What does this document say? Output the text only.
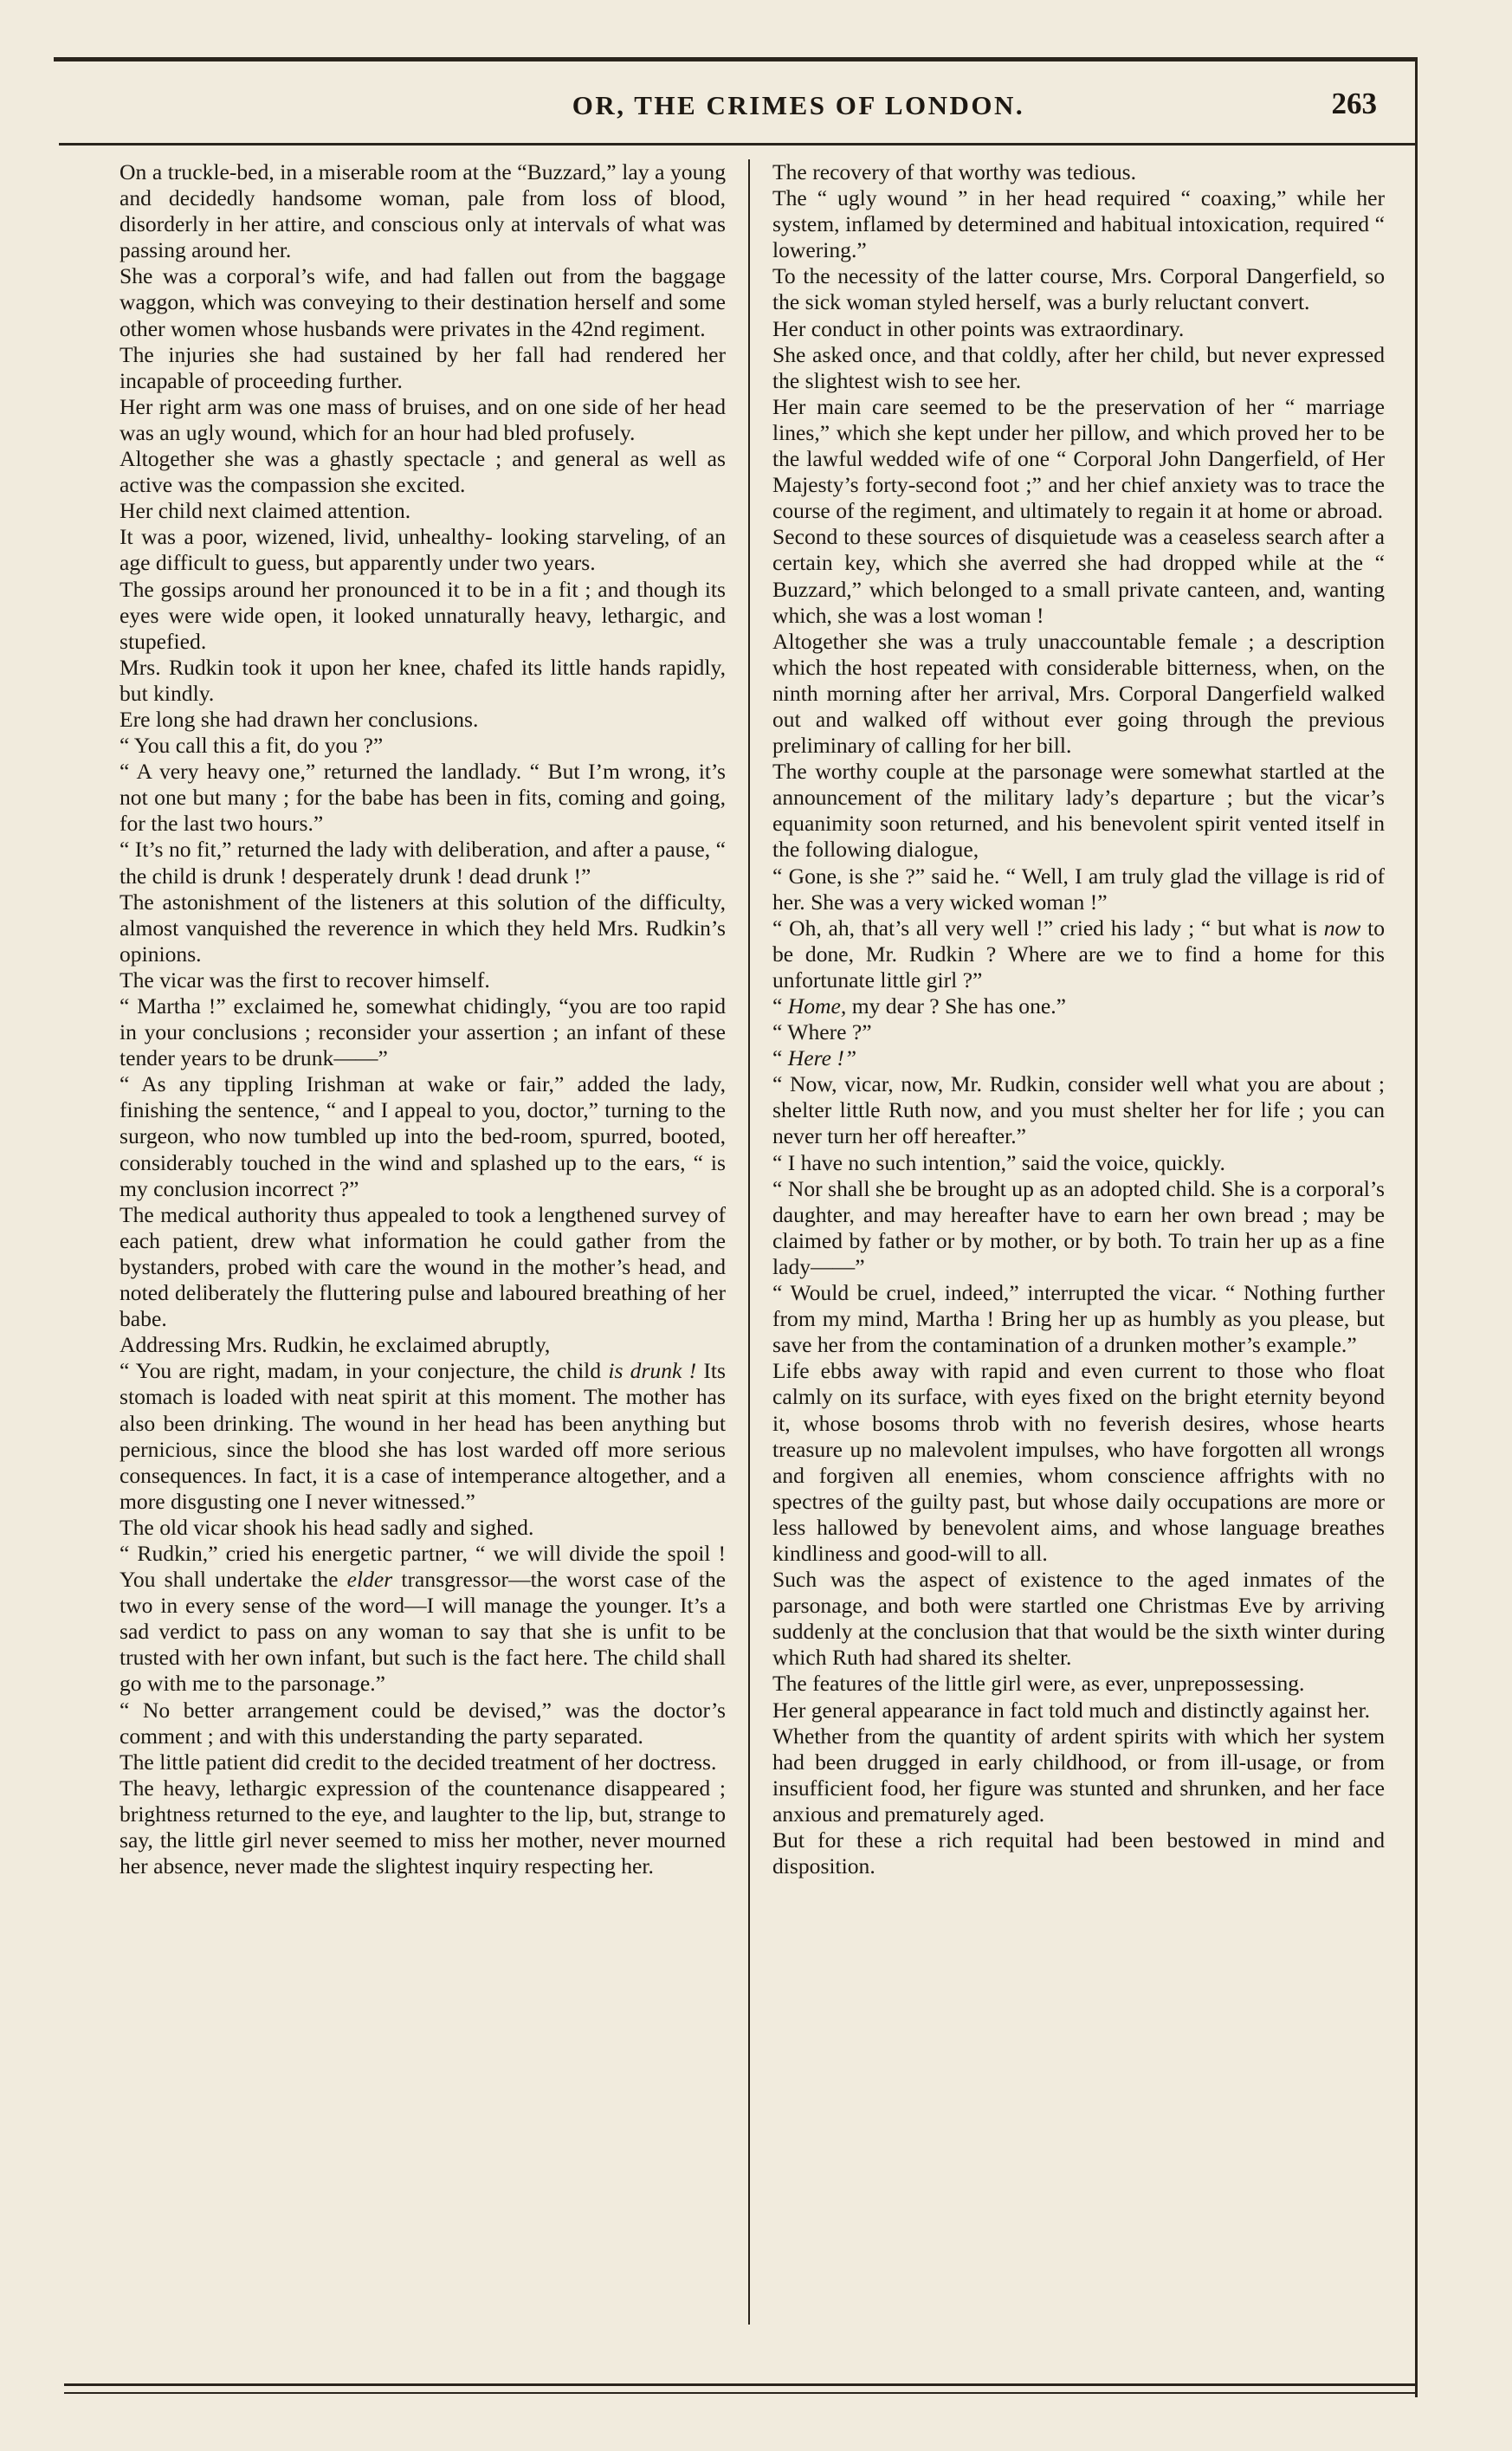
OR, THE CRIMES OF LONDON.	263

On a truckle-bed, in a miserable room at the “Buzzard,” lay a young and decidedly handsome woman, pale from loss of blood, disorderly in her attire, and conscious only at intervals of what was passing around her.

She was a corporal’s wife, and had fallen out from the baggage waggon, which was conveying to their destination herself and some other women whose husbands were privates in the 42nd regiment.

The injuries she had sustained by her fall had rendered her incapable of proceeding further.

Her right arm was one mass of bruises, and on one side of her head was an ugly wound, which for an hour had bled profusely.

Altogether she was a ghastly spectacle ; and general as well as active was the compassion she excited.

Her child next claimed attention.

It was a poor, wizened, livid, unhealthy- looking starveling, of an age difficult to guess, but apparently under two years.

The gossips around her pronounced it to be in a fit ; and though its eyes were wide open, it looked unnaturally heavy, lethargic, and stupefied.

Mrs. Rudkin took it upon her knee, chafed its little hands rapidly, but kindly.

Ere long she had drawn her conclusions.

“ You call this a fit, do you ?”

“ A very heavy one,” returned the landlady. “ But I’m wrong, it’s not one but many ; for the babe has been in fits, coming and going, for the last two hours.”

“ It’s no fit,” returned the lady with deliberation, and after a pause, “ the child is drunk ! desperately drunk ! dead drunk !”

The astonishment of the listeners at this solution of the difficulty, almost vanquished the reverence in which they held Mrs. Rudkin’s opinions.

The vicar was the first to recover himself.

“ Martha !” exclaimed he, somewhat chidingly, “you are too rapid in your conclusions ; reconsider your assertion ; an infant of these tender years to be drunk——”

“ As any tippling Irishman at wake or fair,” added the lady, finishing the sentence, “ and I appeal to you, doctor,” turning to the surgeon, who now tumbled up into the bed-room, spurred, booted, considerably touched in the wind and splashed up to the ears, “ is my conclusion incorrect ?”

The medical authority thus appealed to took a lengthened survey of each patient, drew what information he could gather from the bystanders, probed with care the wound in the mother’s head, and noted deliberately the fluttering pulse and laboured breathing of her babe.

Addressing Mrs. Rudkin, he exclaimed abruptly,

“ You are right, madam, in your conjecture, the child is drunk ! Its stomach is loaded with neat spirit at this moment. The mother has also been drinking. The wound in her head has been anything but pernicious, since the blood she has lost warded off more serious consequences. In fact, it is a case of intemperance altogether, and a more disgusting one I never witnessed.”

The old vicar shook his head sadly and sighed.

“ Rudkin,” cried his energetic partner, “ we will divide the spoil ! You shall undertake the elder transgressor—the worst case of the two in every sense of the word—I will manage the younger. It’s a sad verdict to pass on any woman to say that she is unfit to be trusted with her own infant, but such is the fact here. The child shall go with me to the parsonage.”

“ No better arrangement could be devised,” was the doctor’s comment ; and with this understanding the party separated.

The little patient did credit to the decided treatment of her doctress.

The heavy, lethargic expression of the countenance disappeared ; brightness returned to the eye, and laughter to the lip, but, strange to say, the little girl never seemed to miss her mother, never mourned her absence, never made the slightest inquiry respecting her.

The recovery of that worthy was tedious.

The “ ugly wound ” in her head required “ coaxing,” while her system, inflamed by determined and habitual intoxication, required “ lowering.”

To the necessity of the latter course, Mrs. Corporal Dangerfield, so the sick woman styled herself, was a burly reluctant convert.

Her conduct in other points was extraordinary.

She asked once, and that coldly, after her child, but never expressed the slightest wish to see her.

Her main care seemed to be the preservation of her “ marriage lines,” which she kept under her pillow, and which proved her to be the lawful wedded wife of one “ Corporal John Dangerfield, of Her Majesty’s forty-second foot ;” and her chief anxiety was to trace the course of the regiment, and ultimately to regain it at home or abroad.

Second to these sources of disquietude was a ceaseless search after a certain key, which she averred she had dropped while at the “ Buzzard,” which belonged to a small private canteen, and, wanting which, she was a lost woman !

Altogether she was a truly unaccountable female ; a description which the host repeated with considerable bitterness, when, on the ninth morning after her arrival, Mrs. Corporal Dangerfield walked out and walked off without ever going through the previous preliminary of calling for her bill.

The worthy couple at the parsonage were somewhat startled at the announcement of the military lady’s departure ; but the vicar’s equanimity soon returned, and his benevolent spirit vented itself in the following dialogue,

“ Gone, is she ?” said he. “ Well, I am truly glad the village is rid of her. She was a very wicked woman !”

“ Oh, ah, that’s all very well !” cried his lady ; “ but what is now to be done, Mr. Rudkin ? Where are we to find a home for this unfortunate little girl ?”

“ Home, my dear ? She has one.”

“ Where ?”

“ Here !”

“ Now, vicar, now, Mr. Rudkin, consider well what you are about ; shelter little Ruth now, and you must shelter her for life ; you can never turn her off hereafter.”

“ I have no such intention,” said the voice, quickly.

“ Nor shall she be brought up as an adopted child. She is a corporal’s daughter, and may hereafter have to earn her own bread ; may be claimed by father or by mother, or by both. To train her up as a fine lady——”

“ Would be cruel, indeed,” interrupted the vicar. “ Nothing further from my mind, Martha ! Bring her up as humbly as you please, but save her from the contamination of a drunken mother’s example.”

Life ebbs away with rapid and even current to those who float calmly on its surface, with eyes fixed on the bright eternity beyond it, whose bosoms throb with no feverish desires, whose hearts treasure up no malevolent impulses, who have forgotten all wrongs and forgiven all enemies, whom conscience affrights with no spectres of the guilty past, but whose daily occupations are more or less hallowed by benevolent aims, and whose language breathes kindliness and good-will to all.

Such was the aspect of existence to the aged inmates of the parsonage, and both were startled one Christmas Eve by arriving suddenly at the conclusion that that would be the sixth winter during which Ruth had shared its shelter.

The features of the little girl were, as ever, unprepossessing.

Her general appearance in fact told much and distinctly against her.

Whether from the quantity of ardent spirits with which her system had been drugged in early childhood, or from ill-usage, or from insufficient food, her figure was stunted and shrunken, and her face anxious and prematurely aged.

But for these a rich requital had been bestowed in mind and disposition.
